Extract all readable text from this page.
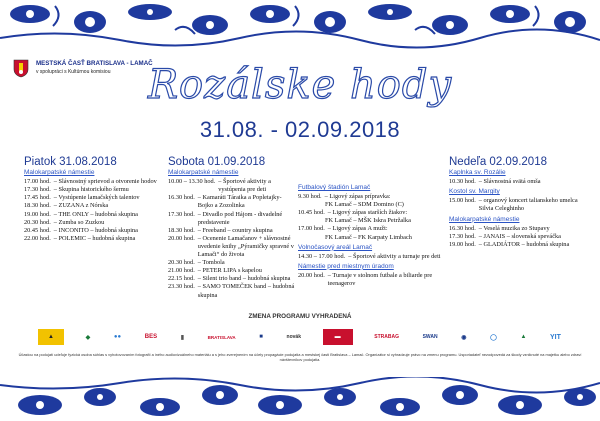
MESTSKÁ ČASŤ BRATISLAVA - LAMAČ
v spolupráci s Kultúrnou komisiou Rozálske hody
31.08. - 02.09.2018
Piatok 31.08.2018
Malokarpatské námestie
17.00 hod. – Slávnostný sprievod a otvorenie hodov
17.30 hod. – Skupina historického šermu
17.45 hod. – Vystúpenie lamačských talentov
18.30 hod. – ZUZANA z Nórska
19.00 hod. – THE ONLY – hudobná skupina
20.30 hod. – Zumba so Zuzkou
20.45 hod. – INCONITO – hudobná skupina
22.00 hod. – POLEMIC – hudobná skupina
Sobota 01.09.2018
Malokarpatské námestie
10.00 – 13.30 hod. – Športové aktivity a vystúpenia pre deti
16.30 hod. – Kamaráti Táraika a Popletajky- Bojko a Zozolinka
17.30 hod. – Divadlo pod Hájom - divadelné predstavenie
18.30 hod. – Freeband – country skupina
20.00 hod. – Ocenenie Lamačanov + slávnostné uvedenie knihy „Pýramičky spravné v Lamači“ do života
20.30 hod. – Tombola
21.00 hod. – PETER LIPA s kapelou
22.15 hod. – Silent trio band – hudobná skupina
23.30 hod. – SAMO TOMEČEK band – hudobná skupina
Futbalový štadión Lamač
9.30 hod. – Ligový zápas prípravka:
FK Lamač – SDM Domino (C)
10.45 hod. – Ligový zápas starších žiakov:
FK Lamač – MŠK Iskra Petržalka
17.00 hod. – Ligový zápas A mužt:
FK Lamač – FK Karpaty Limbach
Volnočasový areál Lamač
14.30 – 17.00 hod. – Športové aktivity a turnaje pre deti
Námestie pred miestnym úradom
20.00 hod. – Turnaje v stolnom futbale a biliarde pre teenagerov
Nedeľa 02.09.2018
Kaplnka sv. Rozálie
10.30 hod. – Slávnostná svätá omša
Kostol sv. Margity
15.00 hod. – organový koncert talianskeho umelca Silvia Celeghinho
Malokarpatské námestie
16.30 hod. – Veselá muzika zo Stupavy
17.30 hod. – JANAIS – slovenská speváčka
19.00 hod. – GLADIÁTOR – hudobná skupina
ZMENA PROGRAMU VYHRADENÁ
▲	◆	●●	BES	▮	BRATISLAVA	■	novák	▬	STRABAG	SWAN	◉	◯	▲	YIT
Účastou na podujatí udeľuje fyzická osoba súhlas s vyhotovovaním fotografií a iného audiovizuálneho materiálu a s jeho zverejnením na účely propagácie podujatia a mestskej časti Bratislava – Lamač. Organizátor si vyhradzuje právo na zmenu programu. Usporiadateľ nezodpovedá za škody vzniknuté na majetku alebo zdraví návštevníkov podujatia.
